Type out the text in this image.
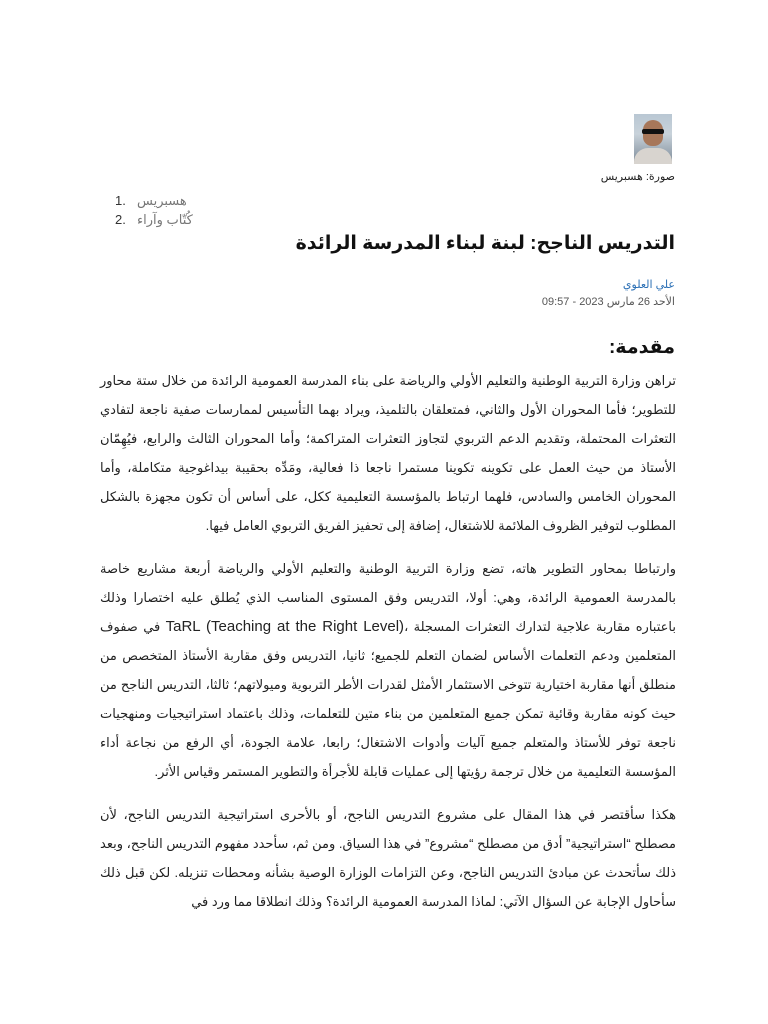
صورة: هسبريس
1. هسبريس
2. كُتّاب وآراء
التدريس الناجح: لبنة لبناء المدرسة الرائدة
علي العلوي
الأحد 26 مارس 2023 - 09:57
مقدمة:

تراهن وزارة التربية الوطنية والتعليم الأولي والرياضة على بناء المدرسة العمومية الرائدة من خلال ستة محاور للتطوير؛ فأما المحوران الأول والثاني، فمتعلقان بالتلميذ، ويراد بهما التأسيس لممارسات صفية ناجعة لتفادي التعثرات المحتملة، وتقديم الدعم التربوي لتجاوز التعثرات المتراكمة؛ وأما المحوران الثالث والرابع، فيُهِمّان الأستاذ من حيث العمل على تكوينه تكوينا مستمرا ناجعا ذا فعالية، ومَدِّه بحقيبة بيداغوجية متكاملة، وأما المحوران الخامس والسادس، فلهما ارتباط بالمؤسسة التعليمية ككل، على أساس أن تكون مجهزة بالشكل المطلوب لتوفير الظروف الملائمة للاشتغال، إضافة إلى تحفيز الفريق التربوي العامل فيها.

وارتباطا بمحاور التطوير هاته، تضع وزارة التربية الوطنية والتعليم الأولي والرياضة أربعة مشاريع خاصة بالمدرسة العمومية الرائدة، وهي: أولا، التدريس وفق المستوى المناسب الذي يُطلق عليه اختصارا وذلك باعتباره مقاربة علاجية لتدارك التعثرات المسجلة ،TaRL (Teaching at the Right Level) في صفوف المتعلمين ودعم التعلمات الأساس لضمان التعلم للجميع؛ ثانيا، التدريس وفق مقاربة الأستاذ المتخصص من منطلق أنها مقاربة اختيارية تتوخى الاستثمار الأمثل لقدرات الأطر التربوية وميولاتهم؛ ثالثا، التدريس الناجح من حيث كونه مقاربة وقائية تمكن جميع المتعلمين من بناء متين للتعلمات، وذلك باعتماد استراتيجيات ومنهجيات ناجعة توفر للأستاذ والمتعلم جميع آليات وأدوات الاشتغال؛ رابعا، علامة الجودة، أي الرفع من نجاعة أداء المؤسسة التعليمية من خلال ترجمة رؤيتها إلى عمليات قابلة للأجرأة والتطوير المستمر وقياس الأثر.

هكذا سأقتصر في هذا المقال على مشروع التدريس الناجح، أو بالأحرى استراتيجية التدريس الناجح، لأن مصطلح “استراتيجية” أدق من مصطلح “مشروع” في هذا السياق. ومن ثم، سأحدد مفهوم التدريس الناجح، وبعد ذلك سأتحدث عن مبادئ التدريس الناجح، وعن التزامات الوزارة الوصية بشأنه ومحطات تنزيله. لكن قبل ذلك سأحاول الإجابة عن السؤال الآتي: لماذا المدرسة العمومية الرائدة؟ وذلك انطلاقا مما ورد في
